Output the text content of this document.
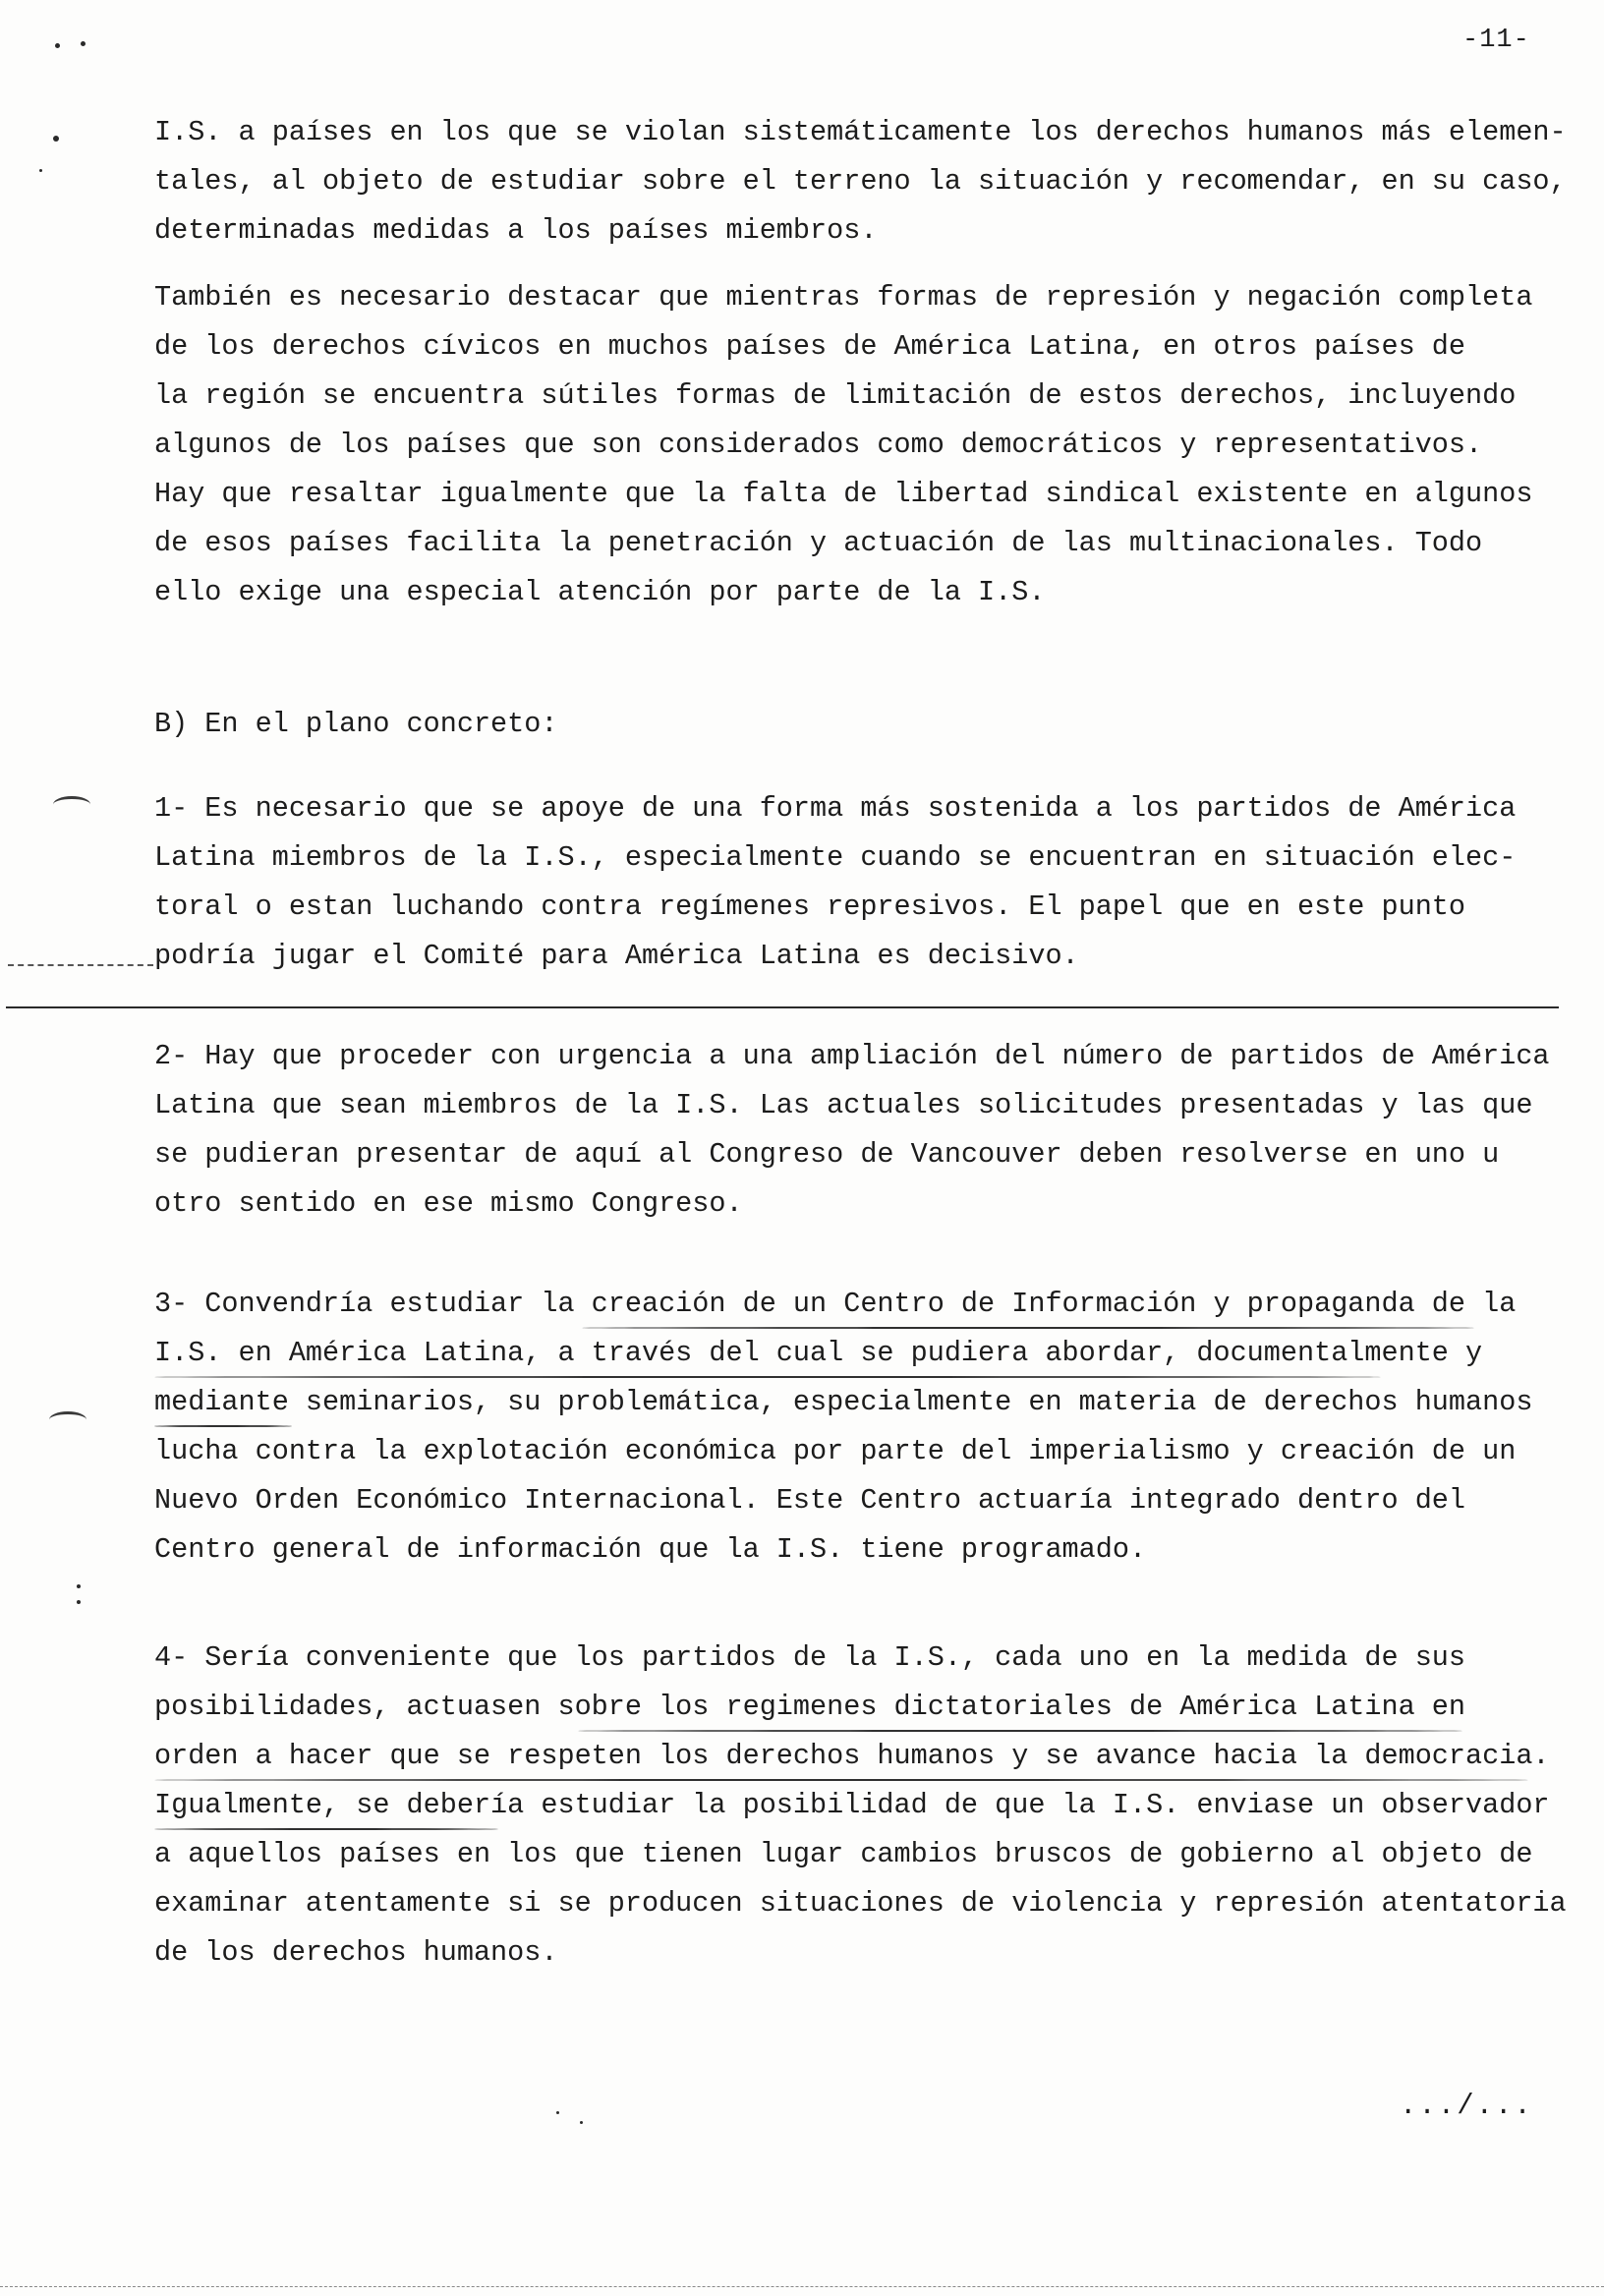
-11-

I.S. a países en los que se violan sistemáticamente los derechos humanos más elemen-
tales, al objeto de estudiar sobre el terreno la situación y recomendar, en su caso,
determinadas medidas a los países miembros.

También es necesario destacar que mientras formas de represión y negación completa
de los derechos cívicos en muchos países de América Latina, en otros países de
la región se encuentra sútiles formas de limitación de estos derechos, incluyendo
algunos de los países que son considerados como democráticos y representativos.
Hay que resaltar igualmente que la falta de libertad sindical existente en algunos
de esos países facilita la penetración y actuación de las multinacionales. Todo
ello exige una especial atención por parte de la I.S.

B) En el plano concreto:

1- Es necesario que se apoye de una forma más sostenida a los partidos de América
Latina miembros de la I.S., especialmente cuando se encuentran en situación elec-
toral o estan luchando contra regímenes represivos. El papel que en este punto
podría jugar el Comité para América Latina es decisivo.

2- Hay que proceder con urgencia a una ampliación del número de partidos de América
Latina que sean miembros de la I.S. Las actuales solicitudes presentadas y las que
se pudieran presentar de aquí al Congreso de Vancouver deben resolverse en uno u
otro sentido en ese mismo Congreso.

3- Convendría estudiar la creación de un Centro de Información y propaganda de la
I.S. en América Latina, a través del cual se pudiera abordar, documentalmente y
mediante seminarios, su problemática, especialmente en materia de derechos humanos
lucha contra la explotación económica por parte del imperialismo y creación de un
Nuevo Orden Económico Internacional. Este Centro actuaría integrado dentro del
Centro general de información que la I.S. tiene programado.

4- Sería conveniente que los partidos de la I.S., cada uno en la medida de sus
posibilidades, actuasen sobre los regimenes dictatoriales de América Latina en
orden a hacer que se respeten los derechos humanos y se avance hacia la democracia.
Igualmente, se debería estudiar la posibilidad de que la I.S. enviase un observador
a aquellos países en los que tienen lugar cambios bruscos de gobierno al objeto de
examinar atentamente si se producen situaciones de violencia y represión atentatoria
de los derechos humanos.

.../...
